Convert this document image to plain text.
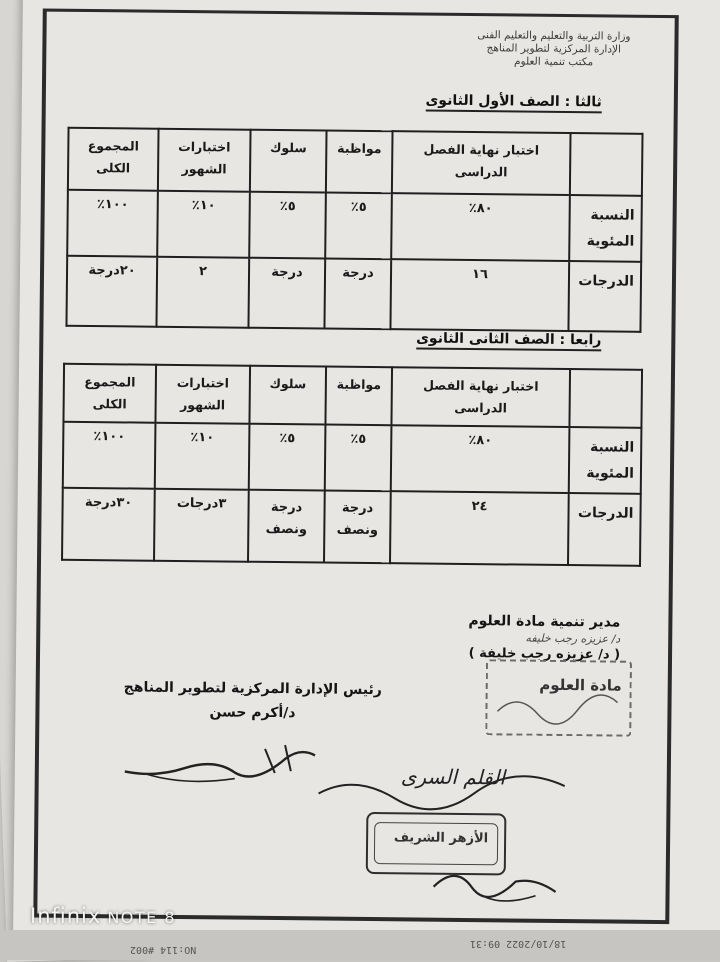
وزارة التربية والتعليم والتعليم الفنى
الإدارة المركزية لتطوير المناهج
مكتب تنمية العلوم
ثالثا : الصف الأول الثانوى
	اختبار نهاية الفصل الدراسى	مواظبة	سلوك	اختبارات الشهور	المجموع الكلى
النسبة المئوية	٨٠٪	٥٪	٥٪	١٠٪	١٠٠٪
الدرجات	١٦	درجة	درجة	٢	٢٠درجة
رابعا : الصف الثانى الثانوى
	اختبار نهاية الفصل الدراسى	مواظبة	سلوك	اختبارات الشهور	المجموع الكلى
النسبة المئوية	٨٠٪	٥٪	٥٪	١٠٪	١٠٠٪
الدرجات	٢٤	درجة ونصف	درجة ونصف	٣درجات	٣٠درجة
مدير تنمية مادة العلوم
د/ عزيزه رجب خليفه
( د/ عزيزه رجب خليفة )
مادة العلوم
رئيس الإدارة المركزية لتطوير المناهج
د/أكرم حسن
القلم السرى
الأزهر الشريف
18/10/2022 09:31
NO:114 #002
Infinix NOTE 8
